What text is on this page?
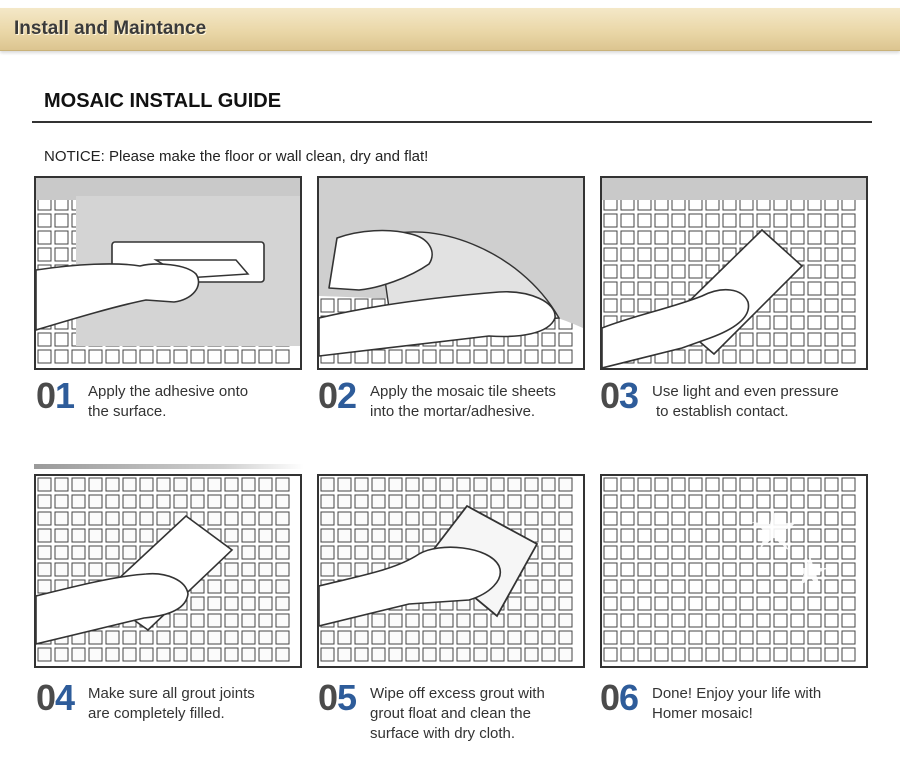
Install and Maintance
MOSAIC INSTALL GUIDE
NOTICE: Please make the floor or wall clean, dry and flat!
01 Apply the adhesive onto
the surface.	02 Apply the mosaic tile sheets
into the mortar/adhesive.	03 Use light and even pressure
to establish contact.
04 Make sure all grout joints
are completely filled.	05 Wipe off excess grout with
grout float and clean the
surface with dry cloth.
06 Done! Enjoy your life with
Homer mosaic!
